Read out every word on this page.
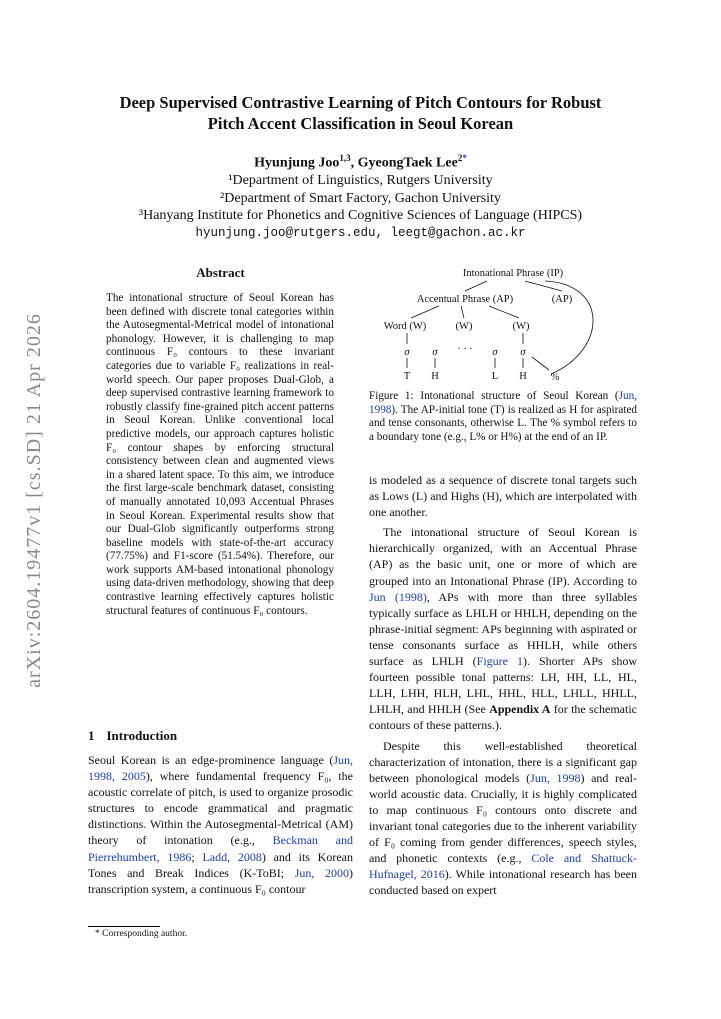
arXiv:2604.19477v1 [cs.SD] 21 Apr 2026
Deep Supervised Contrastive Learning of Pitch Contours for Robust
Pitch Accent Classification in Seoul Korean
Hyunjung Joo$^{1,3}$, GyeongTaek Lee$^{2*}$
¹Department of Linguistics, Rutgers University
²Department of Smart Factory, Gachon University
³Hanyang Institute for Phonetics and Cognitive Sciences of Language (HIPCS)
hyunjung.joo@rutgers.edu, leegt@gachon.ac.kr
Abstract
The intonational structure of Seoul Korean has been defined with discrete tonal categories within the Autosegmental-Metrical model of intonational phonology. However, it is challenging to map continuous F₀ contours to these invariant categories due to variable F₀ realizations in real-world speech. Our paper proposes Dual-Glob, a deep supervised contrastive learning framework to robustly classify fine-grained pitch accent patterns in Seoul Korean. Unlike conventional local predictive models, our approach captures holistic F₀ contour shapes by enforcing structural consistency between clean and augmented views in a shared latent space. To this aim, we introduce the first large-scale benchmark dataset, consisting of manually annotated 10,093 Accentual Phrases in Seoul Korean. Experimental results show that our Dual-Glob significantly outperforms strong baseline models with state-of-the-art accuracy (77.75%) and F1-score (51.54%). Therefore, our work supports AM-based intonational phonology using data-driven methodology, showing that deep contrastive learning effectively captures holistic structural features of continuous F₀ contours.
1 Introduction

Seoul Korean is an edge-prominence language (Jun, 1998, 2005), where fundamental frequency F₀, the acoustic correlate of pitch, is used to organize prosodic structures to encode grammatical and pragmatic distinctions. Within the Autosegmental-Metrical (AM) theory of intonation (e.g., Beckman and Pierrehumbert, 1986; Ladd, 2008) and its Korean Tones and Break Indices (K-ToBI; Jun, 2000) transcription system, a continuous F₀ contour

* Corresponding author.
Intonational Phrase (IP)
Accentual Phrase (AP)	(AP)
Word (W)	(W)	(W)
σ σ · · · σ σ
T H	L H %
Figure 1: Intonational structure of Seoul Korean (Jun, 1998). The AP-initial tone (T) is realized as H for aspirated and tense consonants, otherwise L. The % symbol refers to a boundary tone (e.g., L% or H%) at the end of an IP.

is modeled as a sequence of discrete tonal targets such as Lows (L) and Highs (H), which are interpolated with one another.

The intonational structure of Seoul Korean is hierarchically organized, with an Accentual Phrase (AP) as the basic unit, one or more of which are grouped into an Intonational Phrase (IP). According to Jun (1998), APs with more than three syllables typically surface as LHLH or HHLH, depending on the phrase-initial segment: APs beginning with aspirated or tense consonants surface as HHLH, while others surface as LHLH (Figure 1). Shorter APs show fourteen possible tonal patterns: LH, HH, LL, HL, LLH, LHH, HLH, LHL, HHL, HLL, LHLL, HHLL, LHLH, and HHLH (See Appendix A for the schematic contours of these patterns.).

Despite this well-established theoretical characterization of intonation, there is a significant gap between phonological models (Jun, 1998) and real-world acoustic data. Crucially, it is highly complicated to map continuous F₀ contours onto discrete and invariant tonal categories due to the inherent variability of F₀ coming from gender differences, speech styles, and phonetic contexts (e.g., Cole and Shattuck-Hufnagel, 2016). While intonational research has been conducted based on expert
